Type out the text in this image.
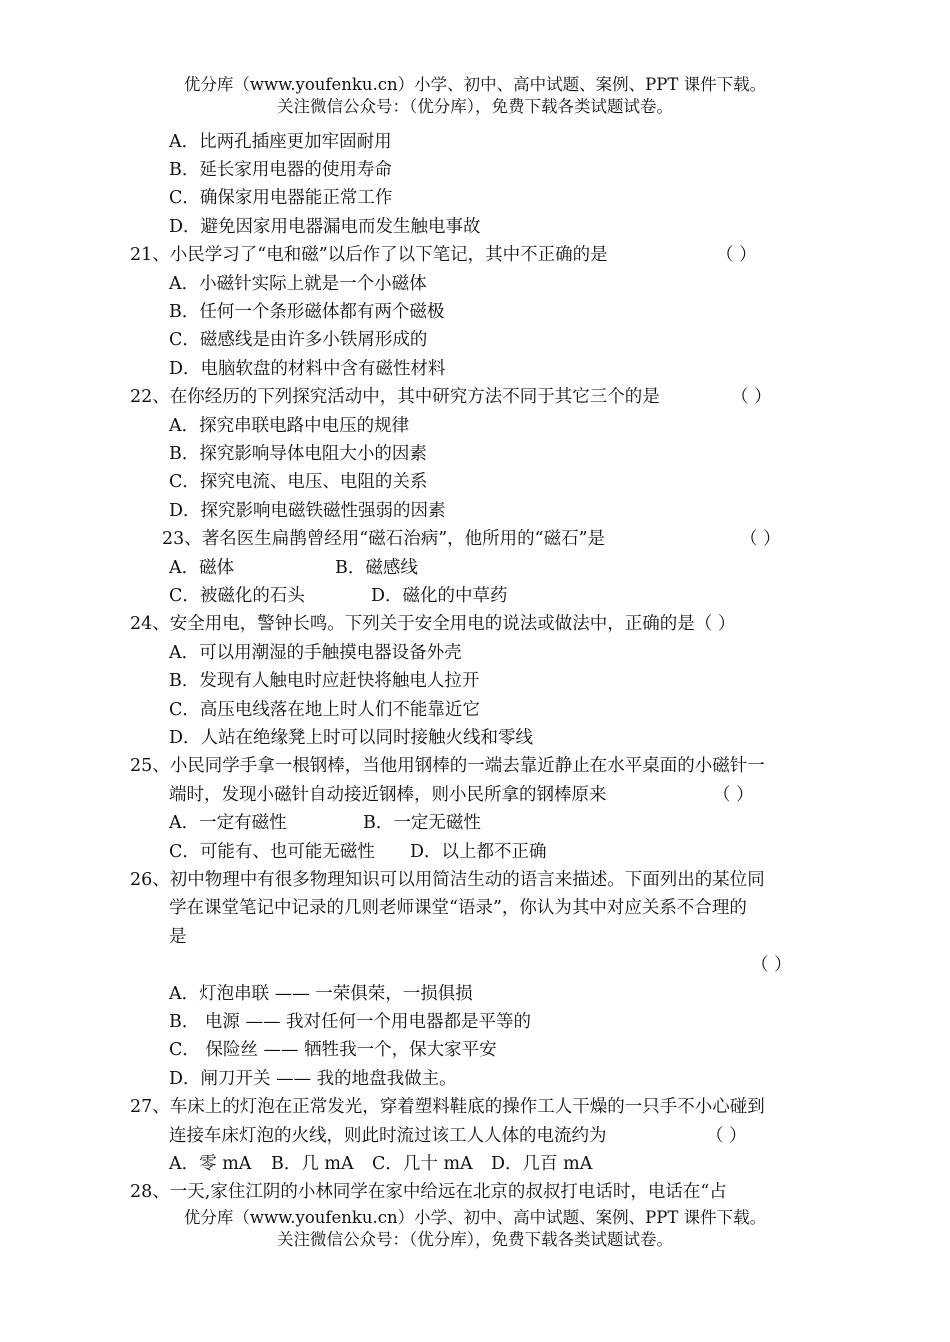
优分库（www.youfenku.cn）小学、初中、高中试题、案例、PPT 课件下载。
关注微信公众号：（优分库），免费下载各类试题试卷。
A．比两孔插座更加牢固耐用
B．延长家用电器的使用寿命
C．确保家用电器能正常工作
D．避免因家用电器漏电而发生触电事故
21、小民学习了“电和磁”以后作了以下笔记，其中不正确的是	（ ）
A．小磁针实际上就是一个小磁体
B．任何一个条形磁体都有两个磁极
C．磁感线是由许多小铁屑形成的
D．电脑软盘的材料中含有磁性材料
22、在你经历的下列探究活动中，其中研究方法不同于其它三个的是	（ ）
A．探究串联电路中电压的规律
B．探究影响导体电阻大小的因素
C．探究电流、电压、电阻的关系
D．探究影响电磁铁磁性强弱的因素
23、著名医生扁鹊曾经用“磁石治病”，他所用的“磁石”是	（ ）
A．磁体	B．磁感线
C．被磁化的石头	D．磁化的中草药
24、安全用电，警钟长鸣。下列关于安全用电的说法或做法中，正确的是（ ）
A．可以用潮湿的手触摸电器设备外壳
B．发现有人触电时应赶快将触电人拉开
C．高压电线落在地上时人们不能靠近它
D．人站在绝缘凳上时可以同时接触火线和零线
25、小民同学手拿一根钢棒，当他用钢棒的一端去靠近静止在水平桌面的小磁针一
端时，发现小磁针自动接近钢棒，则小民所拿的钢棒原来	（ ）
A．一定有磁性	B．一定无磁性
C．可能有、也可能无磁性 D．以上都不正确
26、初中物理中有很多物理知识可以用简洁生动的语言来描述。下面列出的某位同
学在课堂笔记中记录的几则老师课堂“语录”，你认为其中对应关系不合理的
是
（ ）
A．灯泡串联 —— 一荣俱荣，一损俱损
B． 电源 —— 我对任何一个用电器都是平等的
C． 保险丝 —— 牺牲我一个，保大家平安
D．闸刀开关 —— 我的地盘我做主。
27、车床上的灯泡在正常发光，穿着塑料鞋底的操作工人干燥的一只手不小心碰到
连接车床灯泡的火线，则此时流过该工人人体的电流约为	（ ）
A．零 mA B．几 mA C．几十 mA D．几百 mA
28、一天,家住江阴的小林同学在家中给远在北京的叔叔打电话时，电话在“占
优分库（www.youfenku.cn）小学、初中、高中试题、案例、PPT 课件下载。
关注微信公众号：（优分库），免费下载各类试题试卷。
